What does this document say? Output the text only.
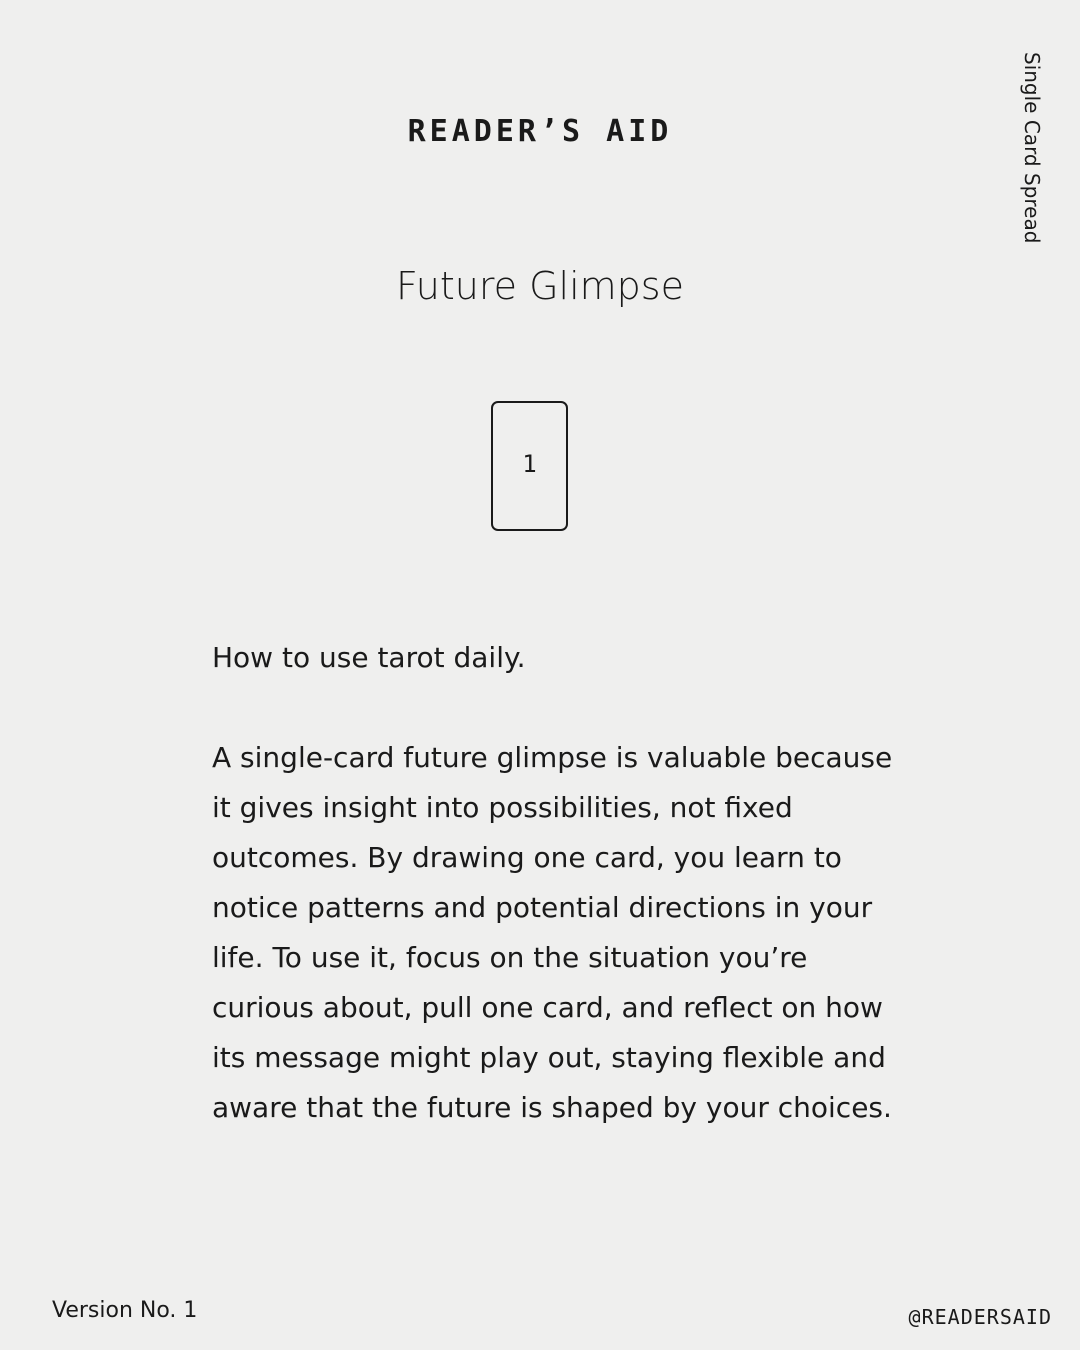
READER’S AID	Single Card Spread
Future Glimpse
1

How to use tarot daily.

A single-card future glimpse is valuable because it gives insight into possibilities, not fixed outcomes. By drawing one card, you learn to notice patterns and potential directions in your life. To use it, focus on the situation you’re curious about, pull one card, and reflect on how its message might play out, staying flexible and aware that the future is shaped by your choices.

Version No. 1	@READERSAID
